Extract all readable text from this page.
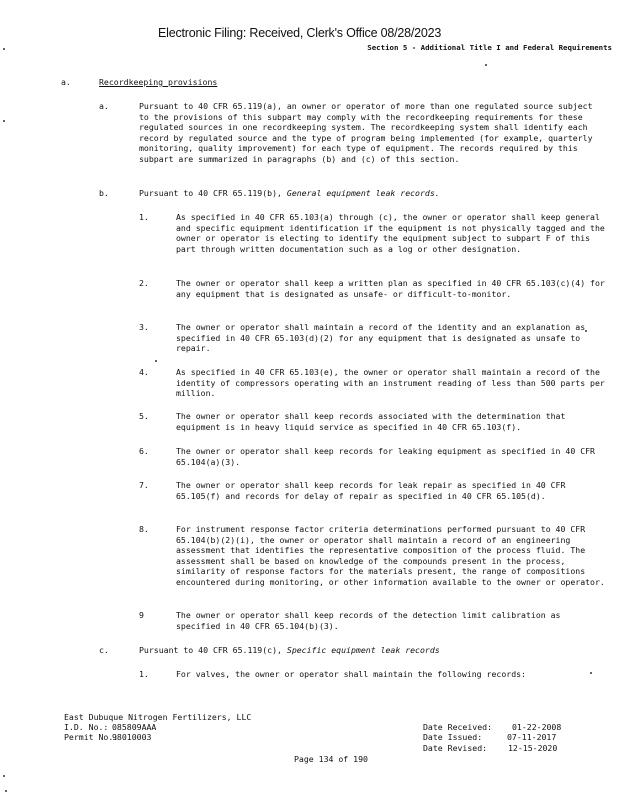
Electronic Filing: Received, Clerk's Office 08/28/2023
Section 5 - Additional Title I and Federal Requirements
a.	Recordkeeping provisions
a.	Pursuant to 40 CFR 65.119(a), an owner or operator of more than one regulated source subject to the provisions of this subpart may comply with the recordkeeping requirements for these regulated sources in one recordkeeping system. The recordkeeping system shall identify each record by regulated source and the type of program being implemented (for example, quarterly monitoring, quality improvement) for each type of equipment. The records required by this subpart are summarized in paragraphs (b) and (c) of this section.
b.	Pursuant to 40 CFR 65.119(b), General equipment leak records.
1.	As specified in 40 CFR 65.103(a) through (c), the owner or operator shall keep general and specific equipment identification if the equipment is not physically tagged and the owner or operator is electing to identify the equipment subject to subpart F of this part through written documentation such as a log or other designation.
2.	The owner or operator shall keep a written plan as specified in 40 CFR 65.103(c)(4) for any equipment that is designated as unsafe- or difficult-to-monitor.
3.	The owner or operator shall maintain a record of the identity and an explanation as specified in 40 CFR 65.103(d)(2) for any equipment that is designated as unsafe to repair.
4.	As specified in 40 CFR 65.103(e), the owner or operator shall maintain a record of the identity of compressors operating with an instrument reading of less than 500 parts per million.
5.	The owner or operator shall keep records associated with the determination that equipment is in heavy liquid service as specified in 40 CFR 65.103(f).
6.	The owner or operator shall keep records for leaking equipment as specified in 40 CFR 65.104(a)(3).
7.	The owner or operator shall keep records for leak repair as specified in 40 CFR 65.105(f) and records for delay of repair as specified in 40 CFR 65.105(d).
8.	For instrument response factor criteria determinations performed pursuant to 40 CFR 65.104(b)(2)(i), the owner or operator shall maintain a record of an engineering assessment that identifies the representative composition of the process fluid. The assessment shall be based on knowledge of the compounds present in the process, similarity of response factors for the materials present, the range of compositions encountered during monitoring, or other information available to the owner or operator.
9	The owner or operator shall keep records of the detection limit calibration as specified in 40 CFR 65.104(b)(3).
c.	Pursuant to 40 CFR 65.119(c), Specific equipment leak records
1.	For valves, the owner or operator shall maintain the following records:
East Dubuque Nitrogen Fertilizers, LLC
I.D. No.: 085809AAA
Permit No.:
98010003
Date Received: 01-22-2008
Date Issued:	07-11-2017
Date Revised:	12-15-2020
Page 134 of 190
